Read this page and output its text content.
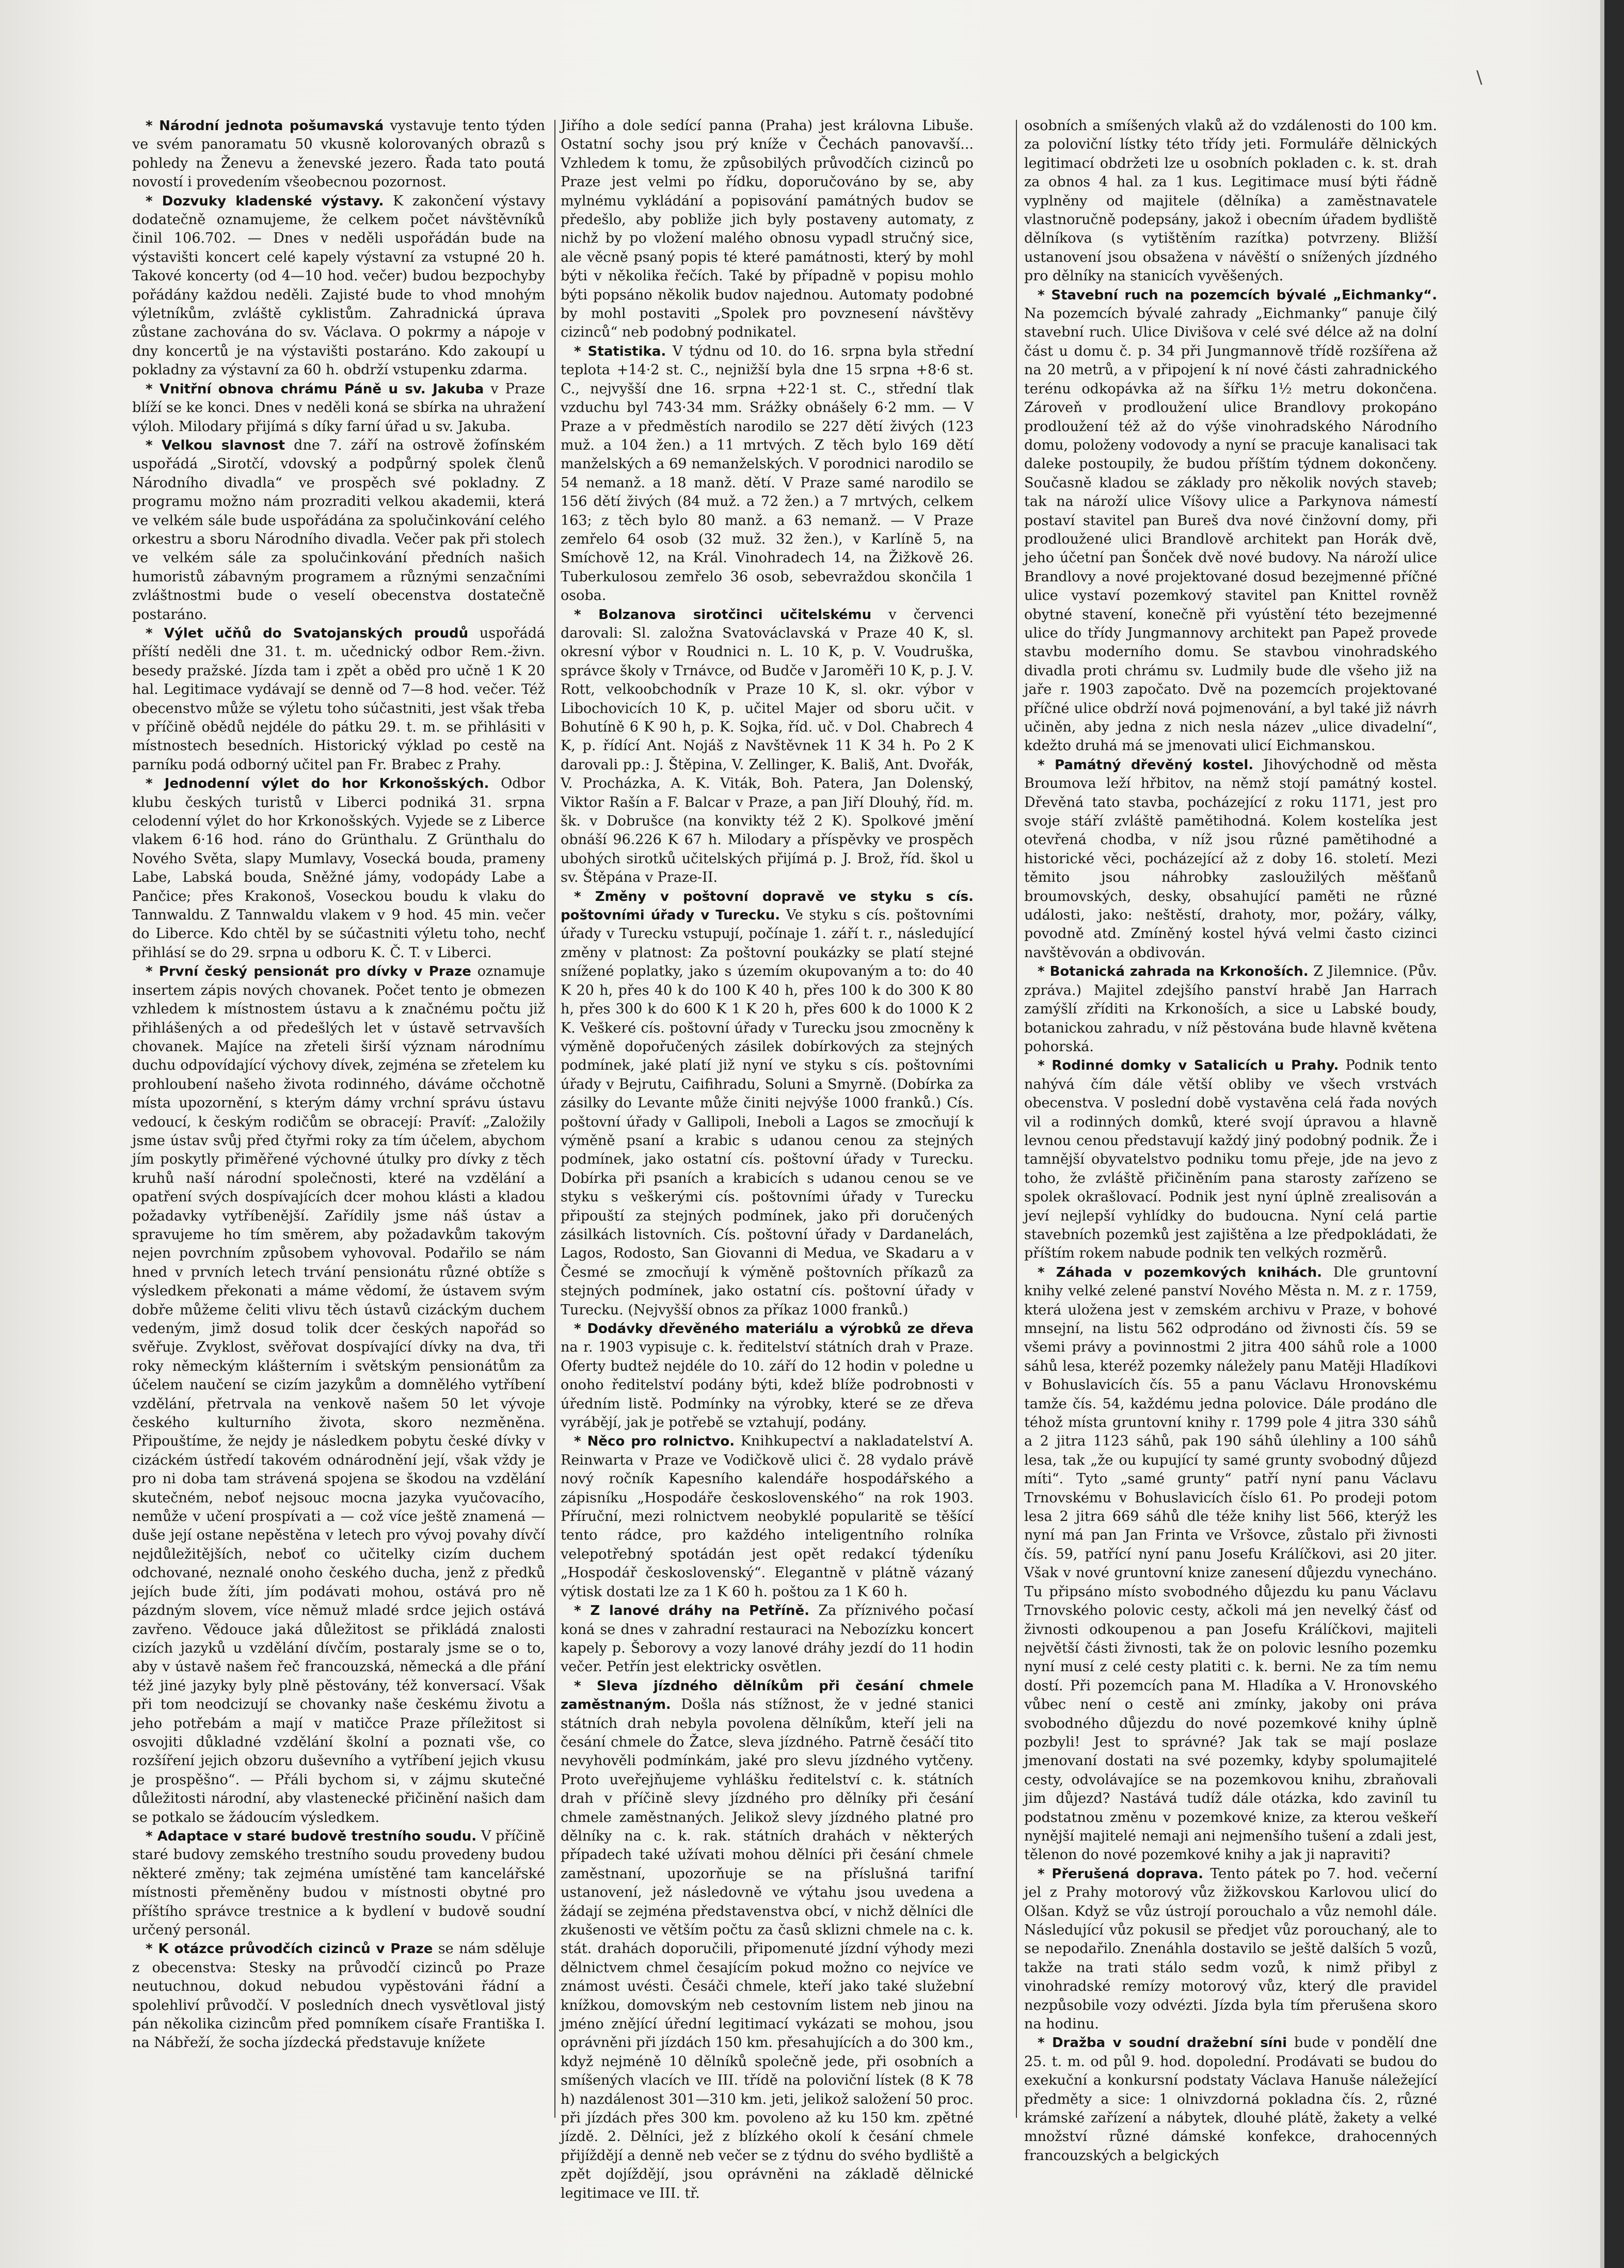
\

* Národní jednota pošumavská vystavuje tento týden ve svém panoramatu 50 vkusně kolorovaných obrazů s pohledy na Ženevu a ženevské jezero. Řada tato poutá novostí i provedením všeobecnou pozornost.

* Dozvuky kladenské výstavy. K zakončení výstavy dodatečně oznamujeme, že celkem počet návštěvníků činil 106.702. — Dnes v neděli uspořádán bude na výstavišti koncert celé kapely výstavní za vstupné 20 h. Takové koncerty (od 4—10 hod. večer) budou bezpochyby pořádány každou neděli. Zajisté bude to vhod mnohým výletníkům, zvláště cyklistům. Zahradnická úprava zůstane zachována do sv. Václava. O pokrmy a nápoje v dny koncertů je na výstavišti postaráno. Kdo zakoupí u pokladny za výstavní za 60 h. obdrží vstupenku zdarma.

* Vnitřní obnova chrámu Páně u sv. Jakuba v Praze blíží se ke konci. Dnes v neděli koná se sbírka na uhražení výloh. Milodary přijímá s díky farní úřad u sv. Jakuba.

* Velkou slavnost dne 7. září na ostrově žofínském uspořádá „Sirotčí, vdovský a podpůrný spolek členů Národního divadla“ ve prospěch své pokladny. Z programu možno nám prozraditi velkou akademii, která ve velkém sále bude uspořádána za spolučinkování celého orkestru a sboru Národního divadla. Večer pak při stolech ve velkém sále za spolučinkování předních našich humoristů zábavným programem a různými senzačními zvláštnostmi bude o veselí obecenstva dostatečně postaráno.

* Výlet učňů do Svatojanských proudů uspořádá příští neděli dne 31. t. m. učednický odbor Rem.-živn. besedy pražské. Jízda tam i zpět a oběd pro učně 1 K 20 hal. Legitimace vydávají se denně od 7—8 hod. večer. Též obecenstvo může se výletu toho súčastniti, jest však třeba v příčině obědů nejdéle do pátku 29. t. m. se přihlásiti v místnostech besedních. Historický výklad po cestě na parníku podá odborný učitel pan Fr. Brabec z Prahy.

* Jednodenní výlet do hor Krkonošských. Odbor klubu českých turistů v Liberci podniká 31. srpna celodenní výlet do hor Krkonošských. Vyjede se z Liberce vlakem 6·16 hod. ráno do Grünthalu. Z Grünthalu do Nového Světa, slapy Mumlavy, Vosecká bouda, prameny Labe, Labská bouda, Sněžné jámy, vodopády Labe a Pančice; přes Krakonoš, Voseckou boudu k vlaku do Tannwaldu. Z Tannwaldu vlakem v 9 hod. 45 min. večer do Liberce. Kdo chtěl by se súčastniti výletu toho, nechť přihlásí se do 29. srpna u odboru K. Č. T. v Liberci.

* První český pensionát pro dívky v Praze oznamuje insertem zápis nových chovanek. Počet tento je obmezen vzhledem k místnostem ústavu a k značnému počtu již přihlášených a od předešlých let v ústavě setrvavších chovanek. Majíce na zřeteli širší význam národnímu duchu odpovídající výchovy dívek, zejména se zřetelem ku prohloubení našeho života rodinného, dáváme očchotně místa upozornění, s kterým dámy vrchní správu ústavu vedoucí, k českým rodičům se obracejí: Pravíť: „Založily jsme ústav svůj před čtyřmi roky za tím účelem, abychom jím poskytly přiměřené výchovné útulky pro dívky z těch kruhů naší národní společnosti, které na vzdělání a opatření svých dospívajících dcer mohou klásti a kladou požadavky vytříbenější. Zařídily jsme náš ústav a spravujeme ho tím směrem, aby požadavkům takovým nejen povrchním způsobem vyhovoval. Podařilo se nám hned v prvních letech trvání pensionátu různé obtíže s výsledkem překonati a máme vědomí, že ústavem svým dobře můžeme čeliti vlivu těch ústavů cizáckým duchem vedeným, jimž dosud tolik dcer českých napořád so svěřuje. Zvyklost, svěřovat dospívající dívky na dva, tři roky německým klášterním i světským pensionátům za účelem naučení se cizím jazykům a domnělého vytříbení vzdělání, přetrvala na venkově našem 50 let vývoje českého kulturního života, skoro nezměněna. Připouštíme, že nejdy je následkem pobytu české dívky v cizáckém ústředí takovém odnárodnění její, však vždy je pro ni doba tam strávená spojena se škodou na vzdělání skutečném, neboť nejsouc mocna jazyka vyučovacího, nemůže v učení prospívati a — což více ještě znamená — duše její ostane nepěstěna v letech pro vývoj povahy dívčí nejdůležitějších, neboť co učitelky cizím duchem odchované, neznalé onoho českého ducha, jenž z předků jejích bude žíti, jím podávati mohou, ostává pro ně pázdným slovem, více němuž mladé srdce jejich ostává zavřeno. Vědouce jaká důležitost se přikládá znalosti cizích jazyků u vzdělání dívčím, postaraly jsme se o to, aby v ústavě našem řeč francouzská, německá a dle přání též jiné jazyky byly plně pěstovány, též konversací. Však při tom neodcizují se chovanky naše českému životu a jeho potřebám a mají v matičce Praze příležitost si osvojiti důkladné vzdělání školní a poznati vše, co rozšíření jejich obzoru duševního a vytříbení jejich vkusu je prospěšno“. — Přáli bychom si, v zájmu skutečné důležitosti národní, aby vlastenecké přičinění našich dam se potkalo se žádoucím výsledkem.

* Adaptace v staré budově trestního soudu. V příčině staré budovy zemského trestního soudu provedeny budou některé změny; tak zejména umístěné tam kancelářské místnosti přeměněny budou v místnosti obytné pro příštího správce trestnice a k bydlení v budově soudní určený personál.

* K otázce průvodčích cizinců v Praze se nám sděluje z obecenstva: Stesky na průvodčí cizinců po Praze neutuchnou, dokud nebudou vypěstováni řádní a spolehliví průvodčí. V posledních dnech vysvětloval jistý pán několika cizincům před pomníkem císaře Františka I. na Nábřeží, že socha jízdecká představuje knížete

Jiřího a dole sedící panna (Praha) jest královna Libuše. Ostatní sochy jsou prý kníže v Čechách panovavší... Vzhledem k tomu, že způsobilých průvodčích cizinců po Praze jest velmi po řídku, doporučováno by se, aby mylnému vykládání a popisování památných budov se předešlo, aby pobliže jich byly postaveny automaty, z nichž by po vložení malého obnosu vypadl stručný sice, ale věcně psaný popis té které památnosti, který by mohl býti v několika řečích. Také by případně v popisu mohlo býti popsáno několik budov najednou. Automaty podobné by mohl postaviti „Spolek pro povznesení návštěvy cizinců“ neb podobný podnikatel.

* Statistika. V týdnu od 10. do 16. srpna byla střední teplota +14·2 st. C., nejnižší byla dne 15 srpna +8·6 st. C., nejvyšší dne 16. srpna +22·1 st. C., střední tlak vzduchu byl 743·34 mm. Srážky obnášely 6·2 mm. — V Praze a v předměstích narodilo se 227 dětí živých (123 muž. a 104 žen.) a 11 mrtvých. Z těch bylo 169 dětí manželských a 69 nemanželských. V porodnici narodilo se 54 nemanž. a 18 manž. dětí. V Praze samé narodilo se 156 dětí živých (84 muž. a 72 žen.) a 7 mrtvých, celkem 163; z těch bylo 80 manž. a 63 nemanž. — V Praze zemřelo 64 osob (32 muž. 32 žen.), v Karlíně 5, na Smíchově 12, na Král. Vinohradech 14, na Žižkově 26. Tuberkulosou zemřelo 36 osob, sebevraždou skončila 1 osoba.

* Bolzanova sirotčinci učitelskému v červenci darovali: Sl. založna Svatováclavská v Praze 40 K, sl. okresní výbor v Roudnici n. L. 10 K, p. V. Voudruška, správce školy v Trnávce, od Budče v Jaroměři 10 K, p. J. V. Rott, velkoobchodník v Praze 10 K, sl. okr. výbor v Libochovicích 10 K, p. učitel Majer od sboru učit. v Bohutíně 6 K 90 h, p. K. Sojka, říd. uč. v Dol. Chabrech 4 K, p. řídící Ant. Nojáš z Navštěvnek 11 K 34 h. Po 2 K darovali pp.: J. Štěpina, V. Zellinger, K. Bališ, Ant. Dvořák, V. Procházka, A. K. Viták, Boh. Patera, Jan Dolenský, Viktor Rašín a F. Balcar v Praze, a pan Jiří Dlouhý, říd. m. šk. v Dobrušce (na konvikty též 2 K). Spolkové jmění obnáší 96.226 K 67 h. Milodary a příspěvky ve prospěch ubohých sirotků učitelských přijímá p. J. Brož, říd. škol u sv. Štěpána v Praze-II.

* Změny v poštovní dopravě ve styku s cís. poštovními úřady v Turecku. Ve styku s cís. poštovními úřady v Turecku vstupují, počínaje 1. září t. r., následující změny v platnost: Za poštovní poukázky se platí stejné snížené poplatky, jako s územím okupovaným a to: do 40 K 20 h, přes 40 k do 100 K 40 h, přes 100 k do 300 K 80 h, přes 300 k do 600 K 1 K 20 h, přes 600 k do 1000 K 2 K. Veškeré cís. poštovní úřady v Turecku jsou zmocněny k výměně dopořučených zásilek dobírkových za stejných podmínek, jaké platí již nyní ve styku s cís. poštovními úřady v Bejrutu, Caifihradu, Soluni a Smyrně. (Dobírka za zásilky do Levante může činiti nejvýše 1000 franků.) Cís. poštovní úřady v Gallipoli, Ineboli a Lagos se zmocňují k výměně psaní a krabic s udanou cenou za stejných podmínek, jako ostatní cís. poštovní úřady v Turecku. Dobírka při psaních a krabicích s udanou cenou se ve styku s veškerými cís. poštovními úřady v Turecku připouští za stejných podmínek, jako při doručených zásilkách listovních. Cís. poštovní úřady v Dardanelách, Lagos, Rodosto, San Giovanni di Medua, ve Skadaru a v Česmé se zmocňují k výměně poštovních příkazů za stejných podmínek, jako ostatní cís. poštovní úřady v Turecku. (Nejvyšší obnos za příkaz 1000 franků.)

* Dodávky dřevěného materiálu a výrobků ze dřeva na r. 1903 vypisuje c. k. ředitelství státních drah v Praze. Oferty budtež nejdéle do 10. září do 12 hodin v poledne u onoho ředitelství podány býti, kdež blíže podrobnosti v úředním listě. Podmínky na výrobky, které se ze dřeva vyrábějí, jak je potřebě se vztahují, podány.

* Něco pro rolnictvo. Knihkupectví a nakladatelství A. Reinwarta v Praze ve Vodičkově ulici č. 28 vydalo právě nový ročník Kapesního kalendáře hospodářského a zápisníku „Hospodáře československého“ na rok 1903. Příruční, mezi rolnictvem neobyklé popularitě se těšící tento rádce, pro každého inteligentního rolníka velepotřebný spotádán jest opět redakcí týdeníku „Hospodář československý“. Elegantně v plátně vázaný výtisk dostati lze za 1 K 60 h. poštou za 1 K 60 h.

* Z lanové dráhy na Petříně. Za příznivého počasí koná se dnes v zahradní restauraci na Nebozízku koncert kapely p. Šeborovy a vozy lanové dráhy jezdí do 11 hodin večer. Petřín jest elektricky osvětlen.

* Sleva jízdného dělníkům při česání chmele zaměstnaným. Došla nás stížnost, že v jedné stanici státních drah nebyla povolena dělníkům, kteří jeli na česání chmele do Žatce, sleva jízdného. Patrně česáčí tito nevyhověli podmínkám, jaké pro slevu jízdného vytčeny. Proto uveřejňujeme vyhlášku ředitelství c. k. státních drah v příčině slevy jízdného pro dělníky při česání chmele zaměstnaných. Jelikož slevy jízdného platné pro dělníky na c. k. rak. státních drahách v některých případech také užívati mohou dělníci při česání chmele zaměstnaní, upozorňuje se na příslušná tarifní ustanovení, jež následovně ve výtahu jsou uvedena a žádají se zejména představenstva obcí, v nichž dělníci dle zkušenosti ve větším počtu za časů sklizni chmele na c. k. stát. drahách doporučili, připomenuté jízdní výhody mezi dělnictvem chmel česajícím pokud možno co nejvíce ve známost uvésti. Česáči chmele, kteří jako také služební knížkou, domovským neb cestovním listem neb jinou na jméno znějící úřední legitimací vykázati se mohou, jsou oprávněni při jízdách 150 km. přesahujících a do 300 km., když nejméně 10 dělníků společně jede, při osobních a smíšených vlacích ve III. třídě na poloviční lístek (8 K 78 h) nazdálenost 301—310 km. jeti, jelikož saložení 50 proc. při jízdách přes 300 km. povoleno až ku 150 km. zpětné jízdě. 2. Dělníci, jež z blízkého okolí k česání chmele přijíždějí a denně neb večer se z týdnu do svého bydliště a zpět dojíždějí, jsou oprávněni na základě dělnické legitimace ve III. tř.

osobních a smíšených vlaků až do vzdálenosti do 100 km. za poloviční lístky této třídy jeti. Formuláře dělnických legitimací obdržeti lze u osobních pokladen c. k. st. drah za obnos 4 hal. za 1 kus. Legitimace musí býti řádně vyplněny od majitele (dělníka) a zaměstnavatele vlastnoručně podepsány, jakož i obecním úřadem bydliště dělníkova (s vytištěním razítka) potvrzeny. Bližší ustanovení jsou obsažena v návěští o snížených jízdného pro dělníky na stanicích vyvěšených.

* Stavební ruch na pozemcích bývalé „Eichmanky“. Na pozemcích bývalé zahrady „Eichmanky“ panuje čilý stavební ruch. Ulice Divišova v celé své délce až na dolní část u domu č. p. 34 při Jungmannově třídě rozšířena až na 20 metrů, a v připojení k ní nové části zahradnického terénu odkopávka až na šířku 1½ metru dokončena. Zároveň v prodloužení ulice Brandlovy prokopáno prodloužení též až do výše vinohradského Národního domu, položeny vodovody a nyní se pracuje kanalisaci tak daleke postoupily, že budou příštím týdnem dokončeny. Současně kladou se základy pro několik nových staveb; tak na nároží ulice Víšovy ulice a Parkynova námestí postaví stavitel pan Bureš dva nové činžovní domy, při prodloužené ulici Brandlově architekt pan Horák dvě, jeho účetní pan Šonček dvě nové budovy. Na nároží ulice Brandlovy a nové projektované dosud bezejmenné příčné ulice vystaví pozemkový stavitel pan Knittel rovněž obytné stavení, konečně při vyústění této bezejmenné ulice do třídy Jungmannovy architekt pan Papež provede stavbu moderního domu. Se stavbou vinohradského divadla proti chrámu sv. Ludmily bude dle všeho již na jaře r. 1903 započato. Dvě na pozemcích projektované příčné ulice obdrží nová pojmenování, a byl také již návrh učiněn, aby jedna z nich nesla název „ulice divadelní“, kdežto druhá má se jmenovati ulicí Eichmanskou.

* Památný dřevěný kostel. Jihovýchodně od města Broumova leží hřbitov, na němž stojí památný kostel. Dřevěná tato stavba, pocházející z roku 1171, jest pro svoje stáří zvláště pamětihodná. Kolem kostelíka jest otevřená chodba, v níž jsou různé pamětihodné a historické věci, pocházející až z doby 16. století. Mezi těmito jsou náhrobky zasloužilých měšťanů broumovských, desky, obsahující paměti ne různé události, jako: neštěstí, drahoty, mor, požáry, války, povodně atd. Zmíněný kostel hývá velmi často cizinci navštěvován a obdivován.

* Botanická zahrada na Krkonoších. Z Jilemnice. (Pův. zpráva.) Majitel zdejšího panství hrabě Jan Harrach zamýšlí zříditi na Krkonoších, a sice u Labské boudy, botanickou zahradu, v níž pěstována bude hlavně květena pohorská.

* Rodinné domky v Satalicích u Prahy. Podnik tento nahývá čím dále větší obliby ve všech vrstvách obecenstva. V poslední době vystavěna celá řada nových vil a rodinných domků, které svojí úpravou a hlavně levnou cenou představují každý jiný podobný podnik. Že i tamnější obyvatelstvo podniku tomu přeje, jde na jevo z toho, že zvláště přičiněním pana starosty zařízeno se spolek okrašlovací. Podnik jest nyní úplně zrealisován a jeví nejlepší vyhlídky do budoucna. Nyní celá partie stavebních pozemků jest zajištěna a lze předpokládati, že příštím rokem nabude podnik ten velkých rozměrů.

* Záhada v pozemkových knihách. Dle gruntovní knihy velké zelené panství Nového Města n. M. z r. 1759, která uložena jest v zemském archivu v Praze, v bohové mnsejní, na listu 562 odprodáno od živnosti čís. 59 se všemi právy a povinnostmi 2 jitra 400 sáhů role a 1000 sáhů lesa, kteréž pozemky náležely panu Matěji Hladíkovi v Bohuslavicích čís. 55 a panu Václavu Hronovskému tamže čís. 54, každému jedna polovice. Dále prodáno dle téhož místa gruntovní knihy r. 1799 pole 4 jitra 330 sáhů a 2 jitra 1123 sáhů, pak 190 sáhů úlehliny a 100 sáhů lesa, tak „že ou kupující ty samé grunty svobodný důjezd míti“. Tyto „samé grunty“ patří nyní panu Václavu Trnovskému v Bohuslavicích číslo 61. Po prodeji potom lesa 2 jitra 669 sáhů dle téže knihy list 566, kterýž les nyní má pan Jan Frinta ve Vršovce, zůstalo při živnosti čís. 59, patřící nyní panu Josefu Králíčkovi, asi 20 jiter. Však v nové gruntovní knize zanesení důjezdu vynecháno. Tu připsáno místo svobodného důjezdu ku panu Václavu Trnovského polovic cesty, ačkoli má jen nevelký čásť od živnosti odkoupenou a pan Josefu Králíčkovi, majiteli největší části živnosti, tak že on polovic lesního pozemku nyní musí z celé cesty platiti c. k. berni. Ne za tím nemu dostí. Při pozemcích pana M. Hladíka a V. Hronovského vůbec není o cestě ani zmínky, jakoby oni práva svobodného důjezdu do nové pozemkové knihy úplně pozbyli! Jest to správné? Jak tak se mají poslaze jmenovaní dostati na své pozemky, kdyby spolumajitelé cesty, odvolávajíce se na pozemkovou knihu, zbraňovali jim důjezd? Nastává tudíž dále otázka, kdo zaviníl tu podstatnou změnu v pozemkové knize, za kterou veškeří nynější majitelé nemaji ani nejmenšího tušení a zdali jest, tělenon do nové pozemkové knihy a jak ji napraviti?

* Přerušená doprava. Tento pátek po 7. hod. večerní jel z Prahy motorový vůz žižkovskou Karlovou ulicí do Olšan. Když se vůz ústrojí porouchalo a vůz nemohl dále. Následující vůz pokusil se předjet vůz porouchaný, ale to se nepodařilo. Znenáhla dostavilo se ještě dalších 5 vozů, takže na trati stálo sedm vozů, k nimž přibyl z vinohradské remízy motorový vůz, který dle pravidel nezpůsobile vozy odvézti. Jízda byla tím přerušena skoro na hodinu.

* Dražba v soudní dražební síni bude v pondělí dne 25. t. m. od půl 9. hod. dopolední. Prodávati se budou do exekuční a konkursní podstaty Václava Hanuše náležející předměty a sice: 1 olnivzdorná pokladna čís. 2, různé krámské zařízení a nábytek, dlouhé plátě, žakety a velké množství různé dámské konfekce, drahocenných francouzských a belgických
